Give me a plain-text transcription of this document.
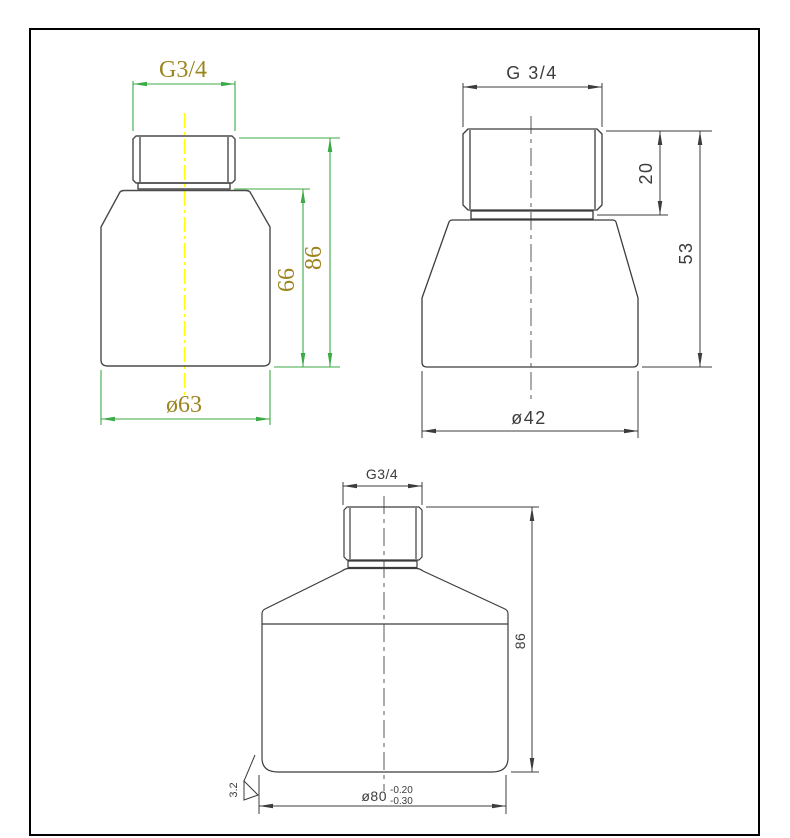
G3/4
86
66
ø63
G 3/4
20
53
ø42
G3/4
86
ø80 -0.20
-0.30
3.2
